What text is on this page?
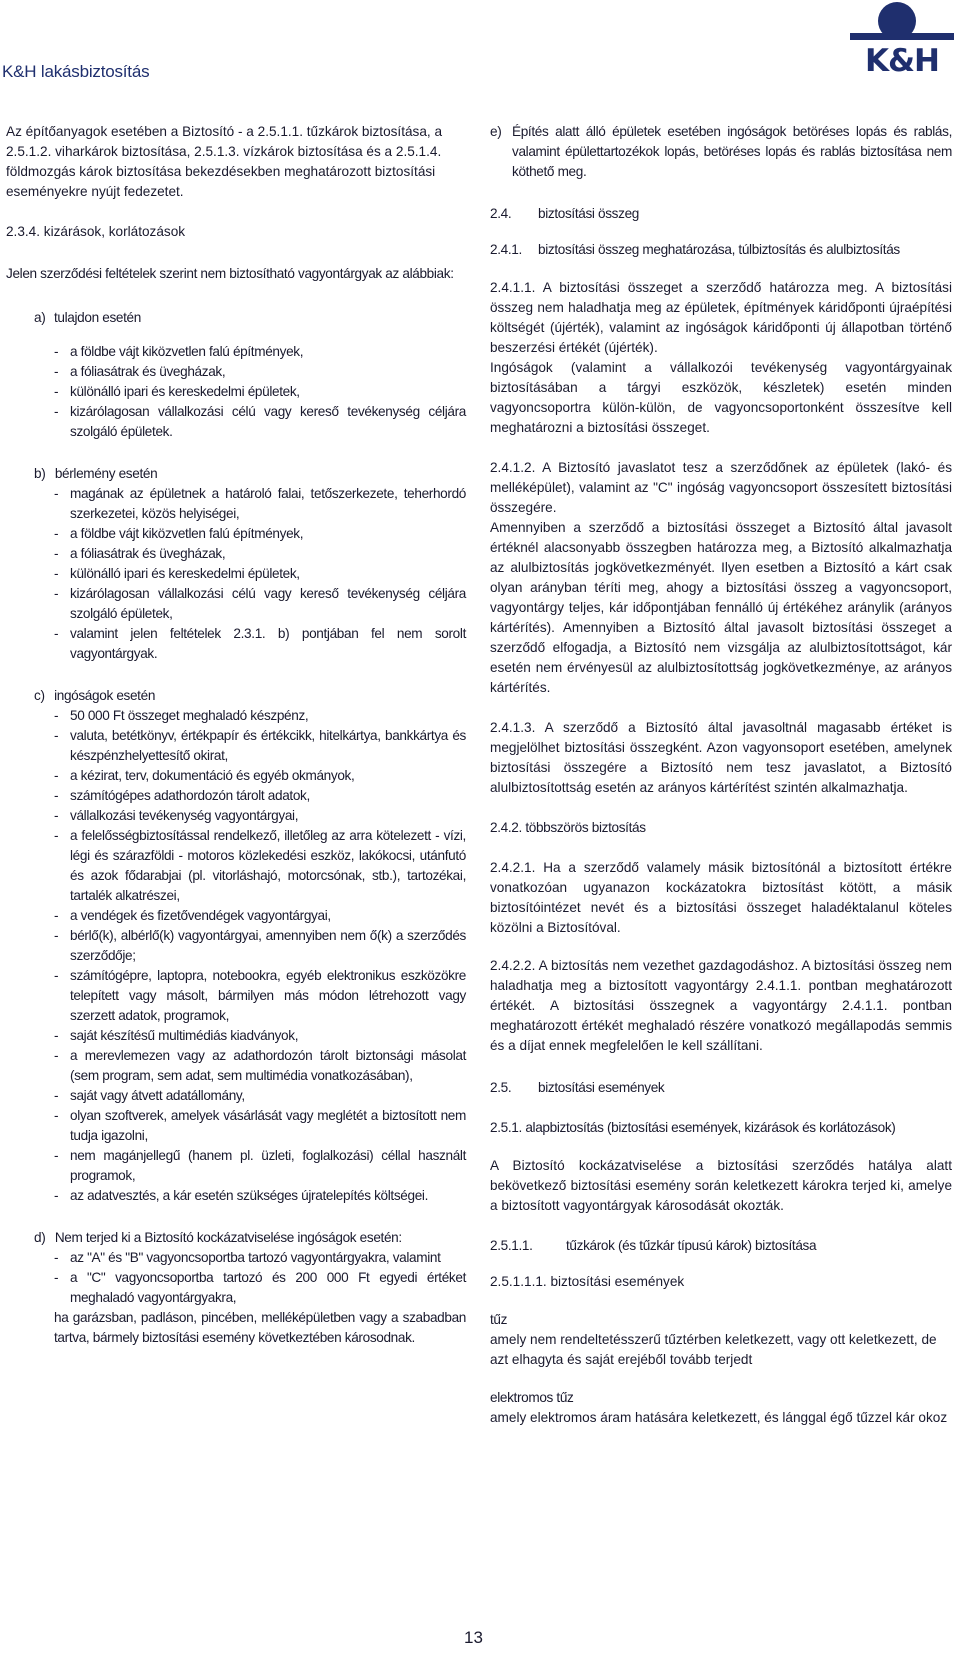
K&H lakásbiztosítás	K&H

Az építőanyagok esetében a Biztosító - a 2.5.1.1. tűzkárok biztosítása, a 2.5.1.2. viharkárok biztosítása, 2.5.1.3. vízkárok biztosítása és a 2.5.1.4. földmozgás károk biztosítása bekezdésekben meghatározott biztosítási eseményekre nyújt fedezetet.

2.3.4. kizárások, korlátozások

Jelen szerződési feltételek szerint nem biztosítható vagyontárgyak az alábbiak:

a) tulajdon esetén
- a földbe vájt kiközvetlen falú építmények,
- a fóliasátrak és üvegházak,
- különálló ipari és kereskedelmi épületek,
- kizárólagosan vállalkozási célú vagy kereső tevékenység céljára szolgáló épületek.
b) bérlemény esetén
- magának az épületnek a határoló falai, tetőszerkezete, teherhordó szerkezetei, közös helyiségei,
- a földbe vájt kiközvetlen falú építmények,
- a fóliasátrak és üvegházak,
- különálló ipari és kereskedelmi épületek,
- kizárólagosan vállalkozási célú vagy kereső tevékenység céljára szolgáló épületek,
- valamint jelen feltételek 2.3.1. b) pontjában fel nem sorolt vagyontárgyak.
c) ingóságok esetén
- 50 000 Ft összeget meghaladó készpénz,
- valuta, betétkönyv, értékpapír és értékcikk, hitelkártya, bankkártya és készpénzhelyettesítő okirat,
- a kézirat, terv, dokumentáció és egyéb okmányok,
- számítógépes adathordozón tárolt adatok,
- vállalkozási tevékenység vagyontárgyai,
- a felelősségbiztosítással rendelkező, illetőleg az arra kötelezett - vízi, légi és szárazföldi - motoros közlekedési eszköz, lakókocsi, utánfutó és azok fődarabjai (pl. vitorláshajó, motorcsónak, stb.), tartozékai, tartalék alkatrészei,
- a vendégek és fizetővendégek vagyontárgyai,
- bérlő(k), albérlő(k) vagyontárgyai, amennyiben nem ő(k) a szerződés szerződője;
- számítógépre, laptopra, notebookra, egyéb elektronikus eszközökre telepített vagy másolt, bármilyen más módon létrehozott vagy szerzett adatok, programok,
- saját készítésű multimédiás kiadványok,
- a merevlemezen vagy az adathordozón tárolt biztonsági másolat (sem program, sem adat, sem multimédia vonatkozásában),
- saját vagy átvett adatállomány,
- olyan szoftverek, amelyek vásárlását vagy meglétét a biztosított nem tudja igazolni,
- nem magánjellegű (hanem pl. üzleti, foglalkozási) céllal használt programok,
- az adatvesztés, a kár esetén szükséges újratelepítés költségei.
d) Nem terjed ki a Biztosító kockázatviselése ingóságok esetén:
- az "A" és "B" vagyoncsoportba tartozó vagyontárgyakra, valamint
- a "C" vagyoncsoportba tartozó és 200 000 Ft egyedi értéket meghaladó vagyontárgyakra,

ha garázsban, padláson, pincében, melléképületben vagy a szabadban tartva, bármely biztosítási esemény következtében károsodnak.

e) Építés alatt álló épületek esetében ingóságok betöréses lopás és rablás, valamint épülettartozékok lopás, betöréses lopás és rablás biztosítása nem köthető meg.
2.4. biztosítási összeg
2.4.1. biztosítási összeg meghatározása, túlbiztosítás és alulbiztosítás

2.4.1.1. A biztosítási összeget a szerződő határozza meg. A biztosítási összeg nem haladhatja meg az épületek, építmények káridőponti újraépítési költségét (újérték), valamint az ingóságok káridőponti új állapotban történő beszerzési értékét (újérték).

Ingóságok (valamint a vállalkozói tevékenység vagyontárgyainak biztosításában a tárgyi eszközök, készletek) esetén minden vagyoncsoportra külön-külön, de vagyoncsoportonként összesítve kell meghatározni a biztosítási összeget.

2.4.1.2. A Biztosító javaslatot tesz a szerződőnek az épületek (lakó- és melléképület), valamint az "C" ingóság vagyoncsoport összesített biztosítási összegére.

Amennyiben a szerződő a biztosítási összeget a Biztosító által javasolt értéknél alacsonyabb összegben határozza meg, a Biztosító alkalmazhatja az alulbiztosítás jogkövetkezményét. Ilyen esetben a Biztosító a kárt csak olyan arányban téríti meg, ahogy a biztosítási összeg a vagyoncsoport, vagyontárgy teljes, kár időpontjában fennálló új értékéhez aránylik (arányos kártérítés). Amennyiben a Biztosító által javasolt biztosítási összeget a szerződő elfogadja, a Biztosító nem vizsgálja az alulbiztosítottságot, kár esetén nem érvényesül az alulbiztosítottság jogkövetkezménye, az arányos kártérítés.

2.4.1.3. A szerződő a Biztosító által javasoltnál magasabb értéket is megjelölhet biztosítási összegként. Azon vagyonsoport esetében, amelynek biztosítási összegére a Biztosító nem tesz javaslatot, a Biztosító alulbiztosítottság esetén az arányos kártérítést szintén alkalmazhatja.

2.4.2. többszörös biztosítás

2.4.2.1. Ha a szerződő valamely másik biztosítónál a biztosított értékre vonatkozóan ugyanazon kockázatokra biztosítást kötött, a másik biztosítóintézet nevét és a biztosítási összeget haladéktalanul köteles közölni a Biztosítóval.

2.4.2.2. A biztosítás nem vezethet gazdagodáshoz. A biztosítási összeg nem haladhatja meg a biztosított vagyontárgy 2.4.1.1. pontban meghatározott értékét. A biztosítási összegnek a vagyontárgy 2.4.1.1. pontban meghatározott értékét meghaladó részére vonatkozó megállapodás semmis és a díjat ennek megfelelően le kell szállítani.

2.5. biztosítási események

2.5.1. alapbiztosítás (biztosítási események, kizárások és korlátozások)

A Biztosító kockázatviselése a biztosítási szerződés hatálya alatt bekövetkező biztosítási esemény során keletkezett károkra terjed ki, amelye a biztosított vagyontárgyak károsodását okozták.

2.5.1.1. tűzkárok (és tűzkár típusú károk) biztosítása

2.5.1.1.1. biztosítási események

tűz

amely nem rendeltetésszerű tűztérben keletkezett, vagy ott keletkezett, de azt elhagyta és saját erejéből tovább terjedt

elektromos tűz

amely elektromos áram hatására keletkezett, és lánggal égő tűzzel kár okoz

13
